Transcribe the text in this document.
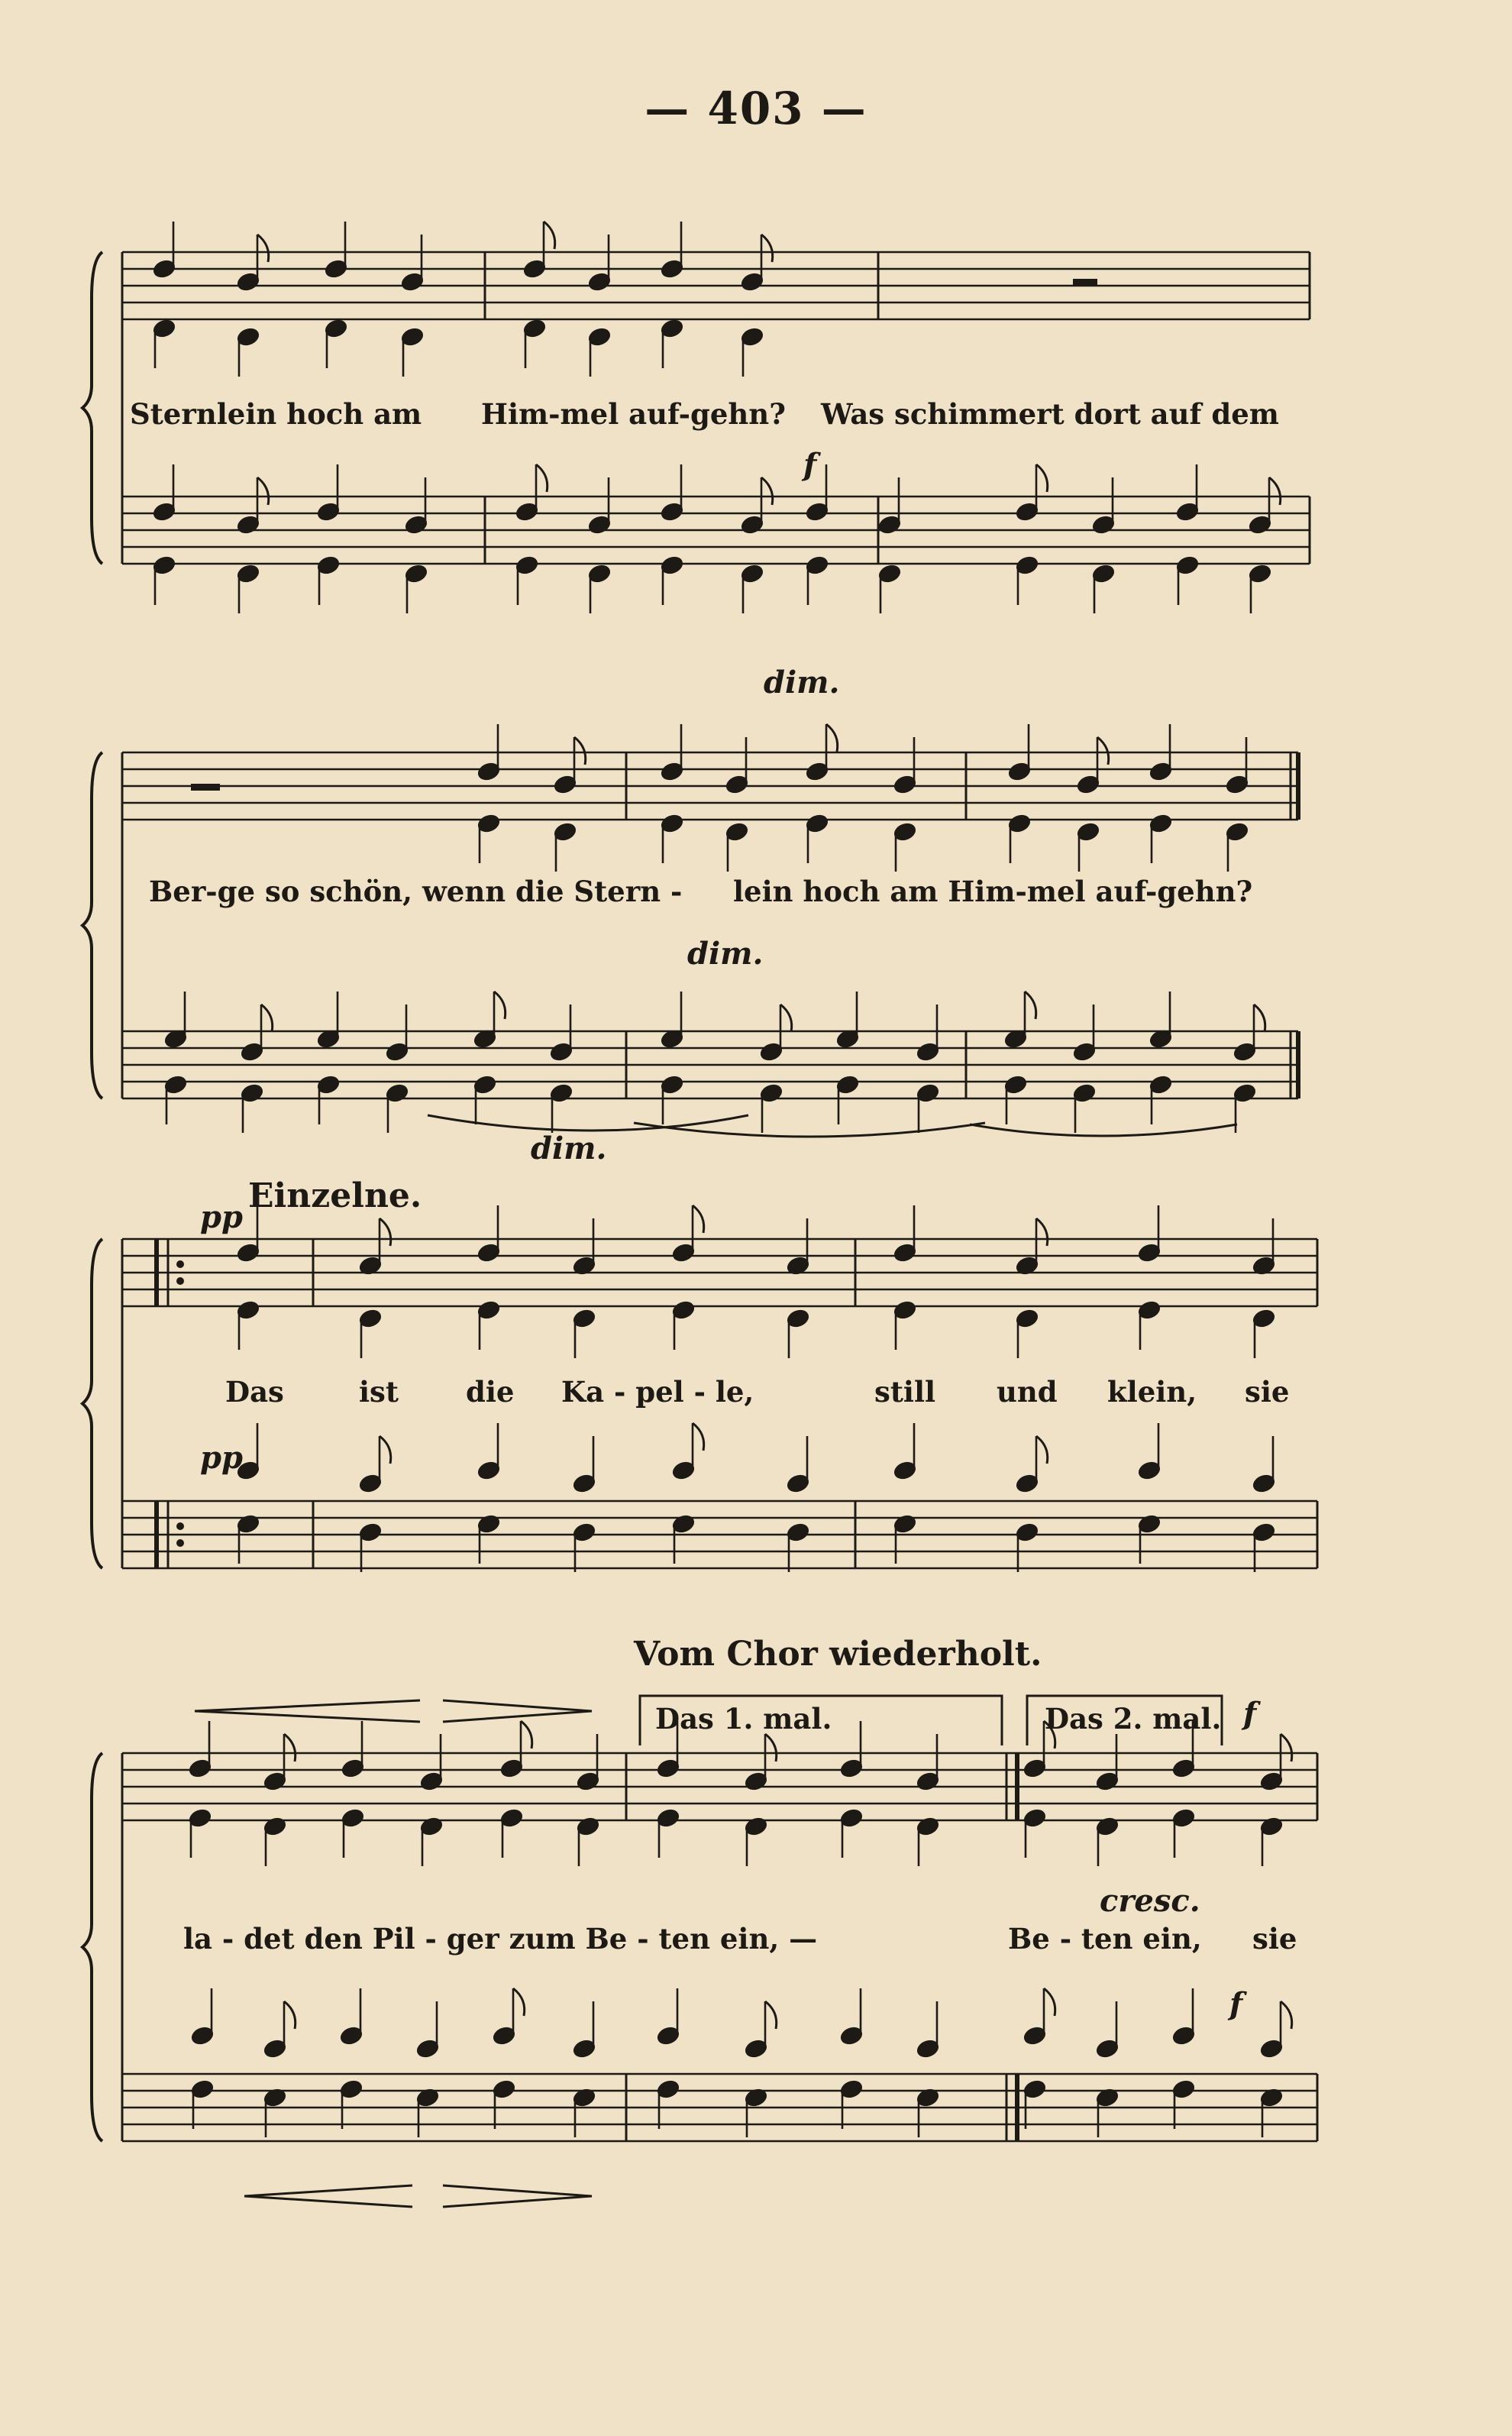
— 403 —
Sternlein hoch am Him-mel auf-gehn? Was schimmert dort auf dem
f
dim.
Ber-ge so schön, wenn die Stern - lein hoch am Him-mel auf-gehn?
dim.
dim.
Einzelne.
pp
Das	ist die Ka - pel - le,	still und klein, sie
pp
Vom Chor wiederholt.
Das 1. mal.	Das 2. mal. f
cresc.
la - det den Pil - ger zum Be - ten ein, —	Be - ten ein, sie
f
